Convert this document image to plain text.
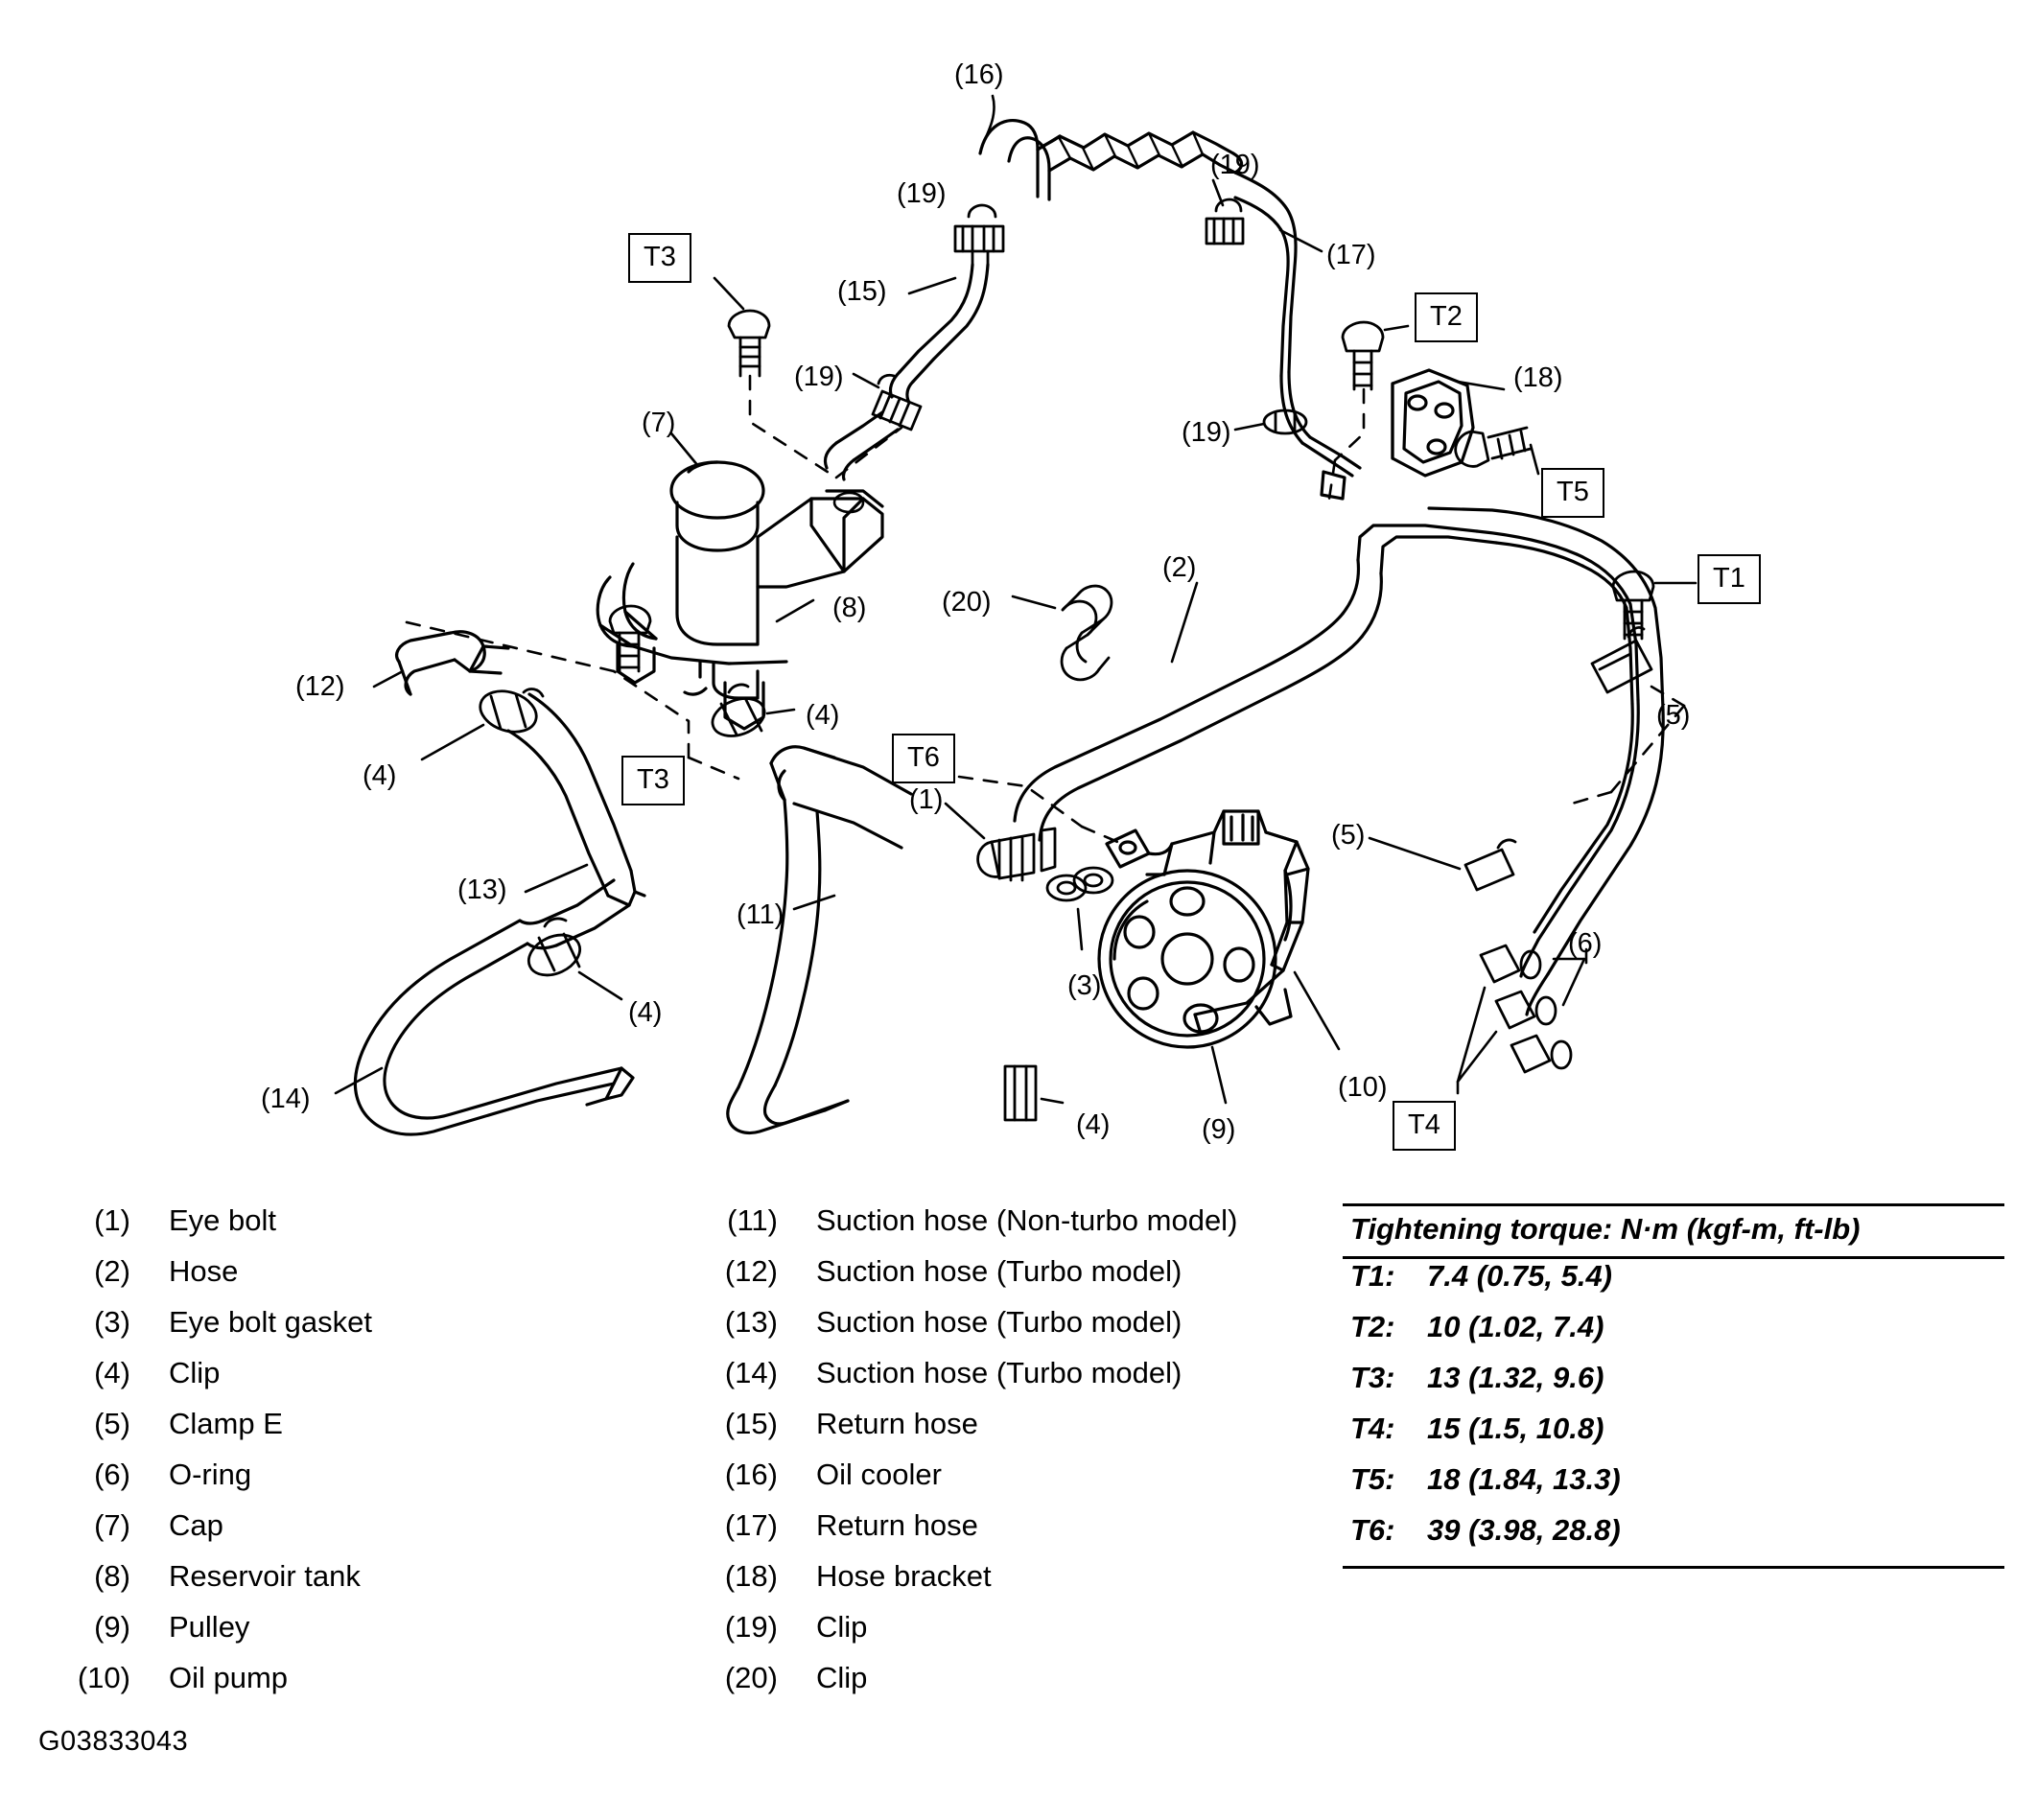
(16)
(19)
(19)
(17)
(15)
(18)
(19)
(19)
(7)
(2)
(8)	(20)
(12)
(4)	(5)
(4)
(1)
(5)
(13)
(11)
(3)
(6)
(4)
(14)
(4)	(9)
(10)
T3
T2
T5
T1
T3
T6
T4
(1)	Eye bolt
(2)	Hose
(3)	Eye bolt gasket
(4)	Clip
(5)	Clamp E
(6)	O-ring
(7)	Cap
(8)	Reservoir tank
(9)	Pulley
(10)	Oil pump
(11)	Suction hose (Non-turbo model)
(12)	Suction hose (Turbo model)
(13)	Suction hose (Turbo model)
(14)	Suction hose (Turbo model)
(15)	Return hose
(16)	Oil cooler
(17)	Return hose
(18)	Hose bracket
(19)	Clip
(20)	Clip
Tightening torque: N·m (kgf-m, ft-lb)
T1:	7.4 (0.75, 5.4)
T2:	10 (1.02, 7.4)
T3:	13 (1.32, 9.6)
T4:	15 (1.5, 10.8)
T5:	18 (1.84, 13.3)
T6:	39 (3.98, 28.8)
G03833043
